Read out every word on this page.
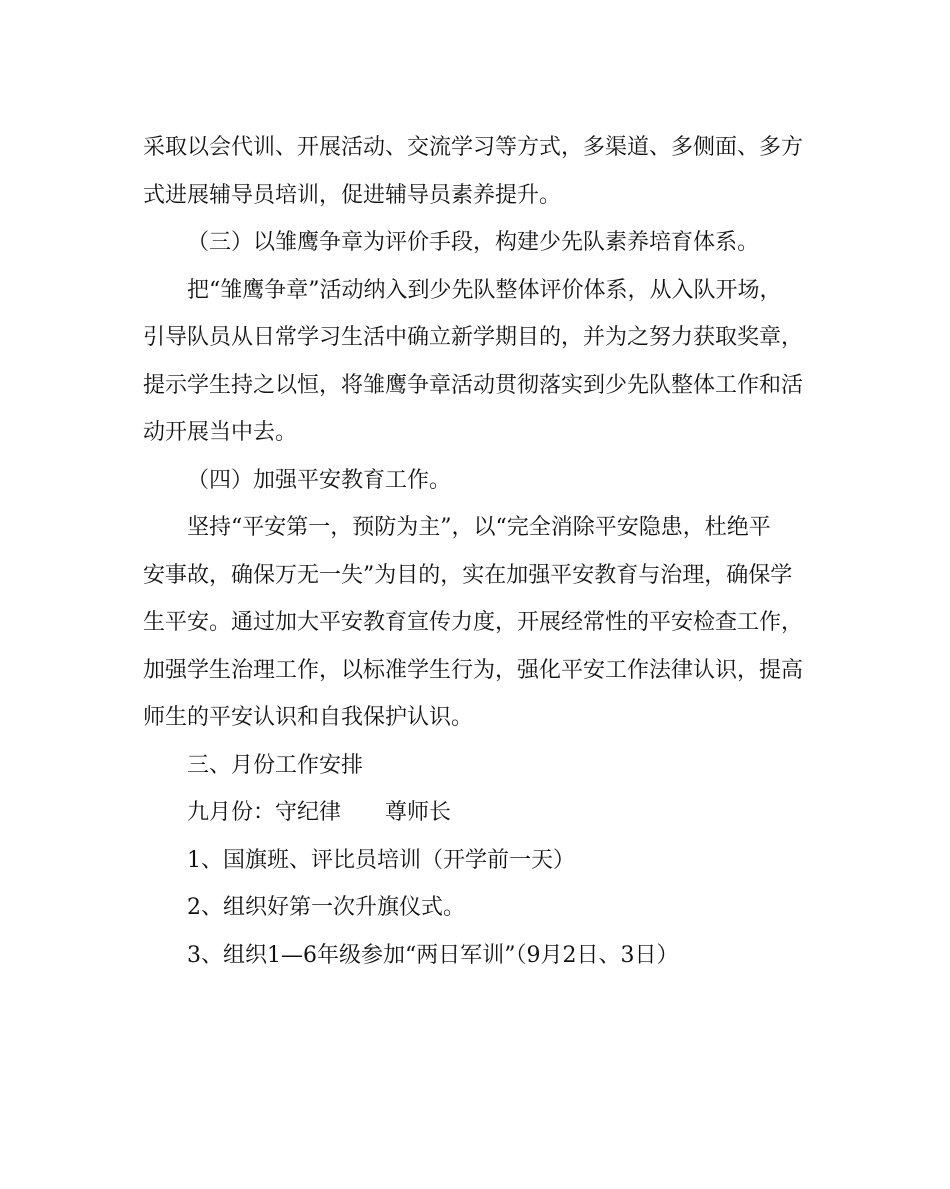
采取以会代训、开展活动、交流学习等方式，多渠道、多侧面、多方
式进展辅导员培训，促进辅导员素养提升。

（三）以雏鹰争章为评价手段，构建少先队素养培育体系。

把“雏鹰争章”活动纳入到少先队整体评价体系，从入队开场，
引导队员从日常学习生活中确立新学期目的，并为之努力获取奖章，
提示学生持之以恒，将雏鹰争章活动贯彻落实到少先队整体工作和活
动开展当中去。

（四）加强平安教育工作。

坚持“平安第一，预防为主”，以“完全消除平安隐患，杜绝平
安事故，确保万无一失”为目的，实在加强平安教育与治理，确保学
生平安。通过加大平安教育宣传力度，开展经常性的平安检查工作，
加强学生治理工作，以标准学生行为，强化平安工作法律认识，提高
师生的平安认识和自我保护认识。

三、月份工作安排

九月份：守纪律　　尊师长

1、国旗班、评比员培训（开学前一天）

2、组织好第一次升旗仪式。

3、组织1—6年级参加“两日军训”（9月2日、3日）
